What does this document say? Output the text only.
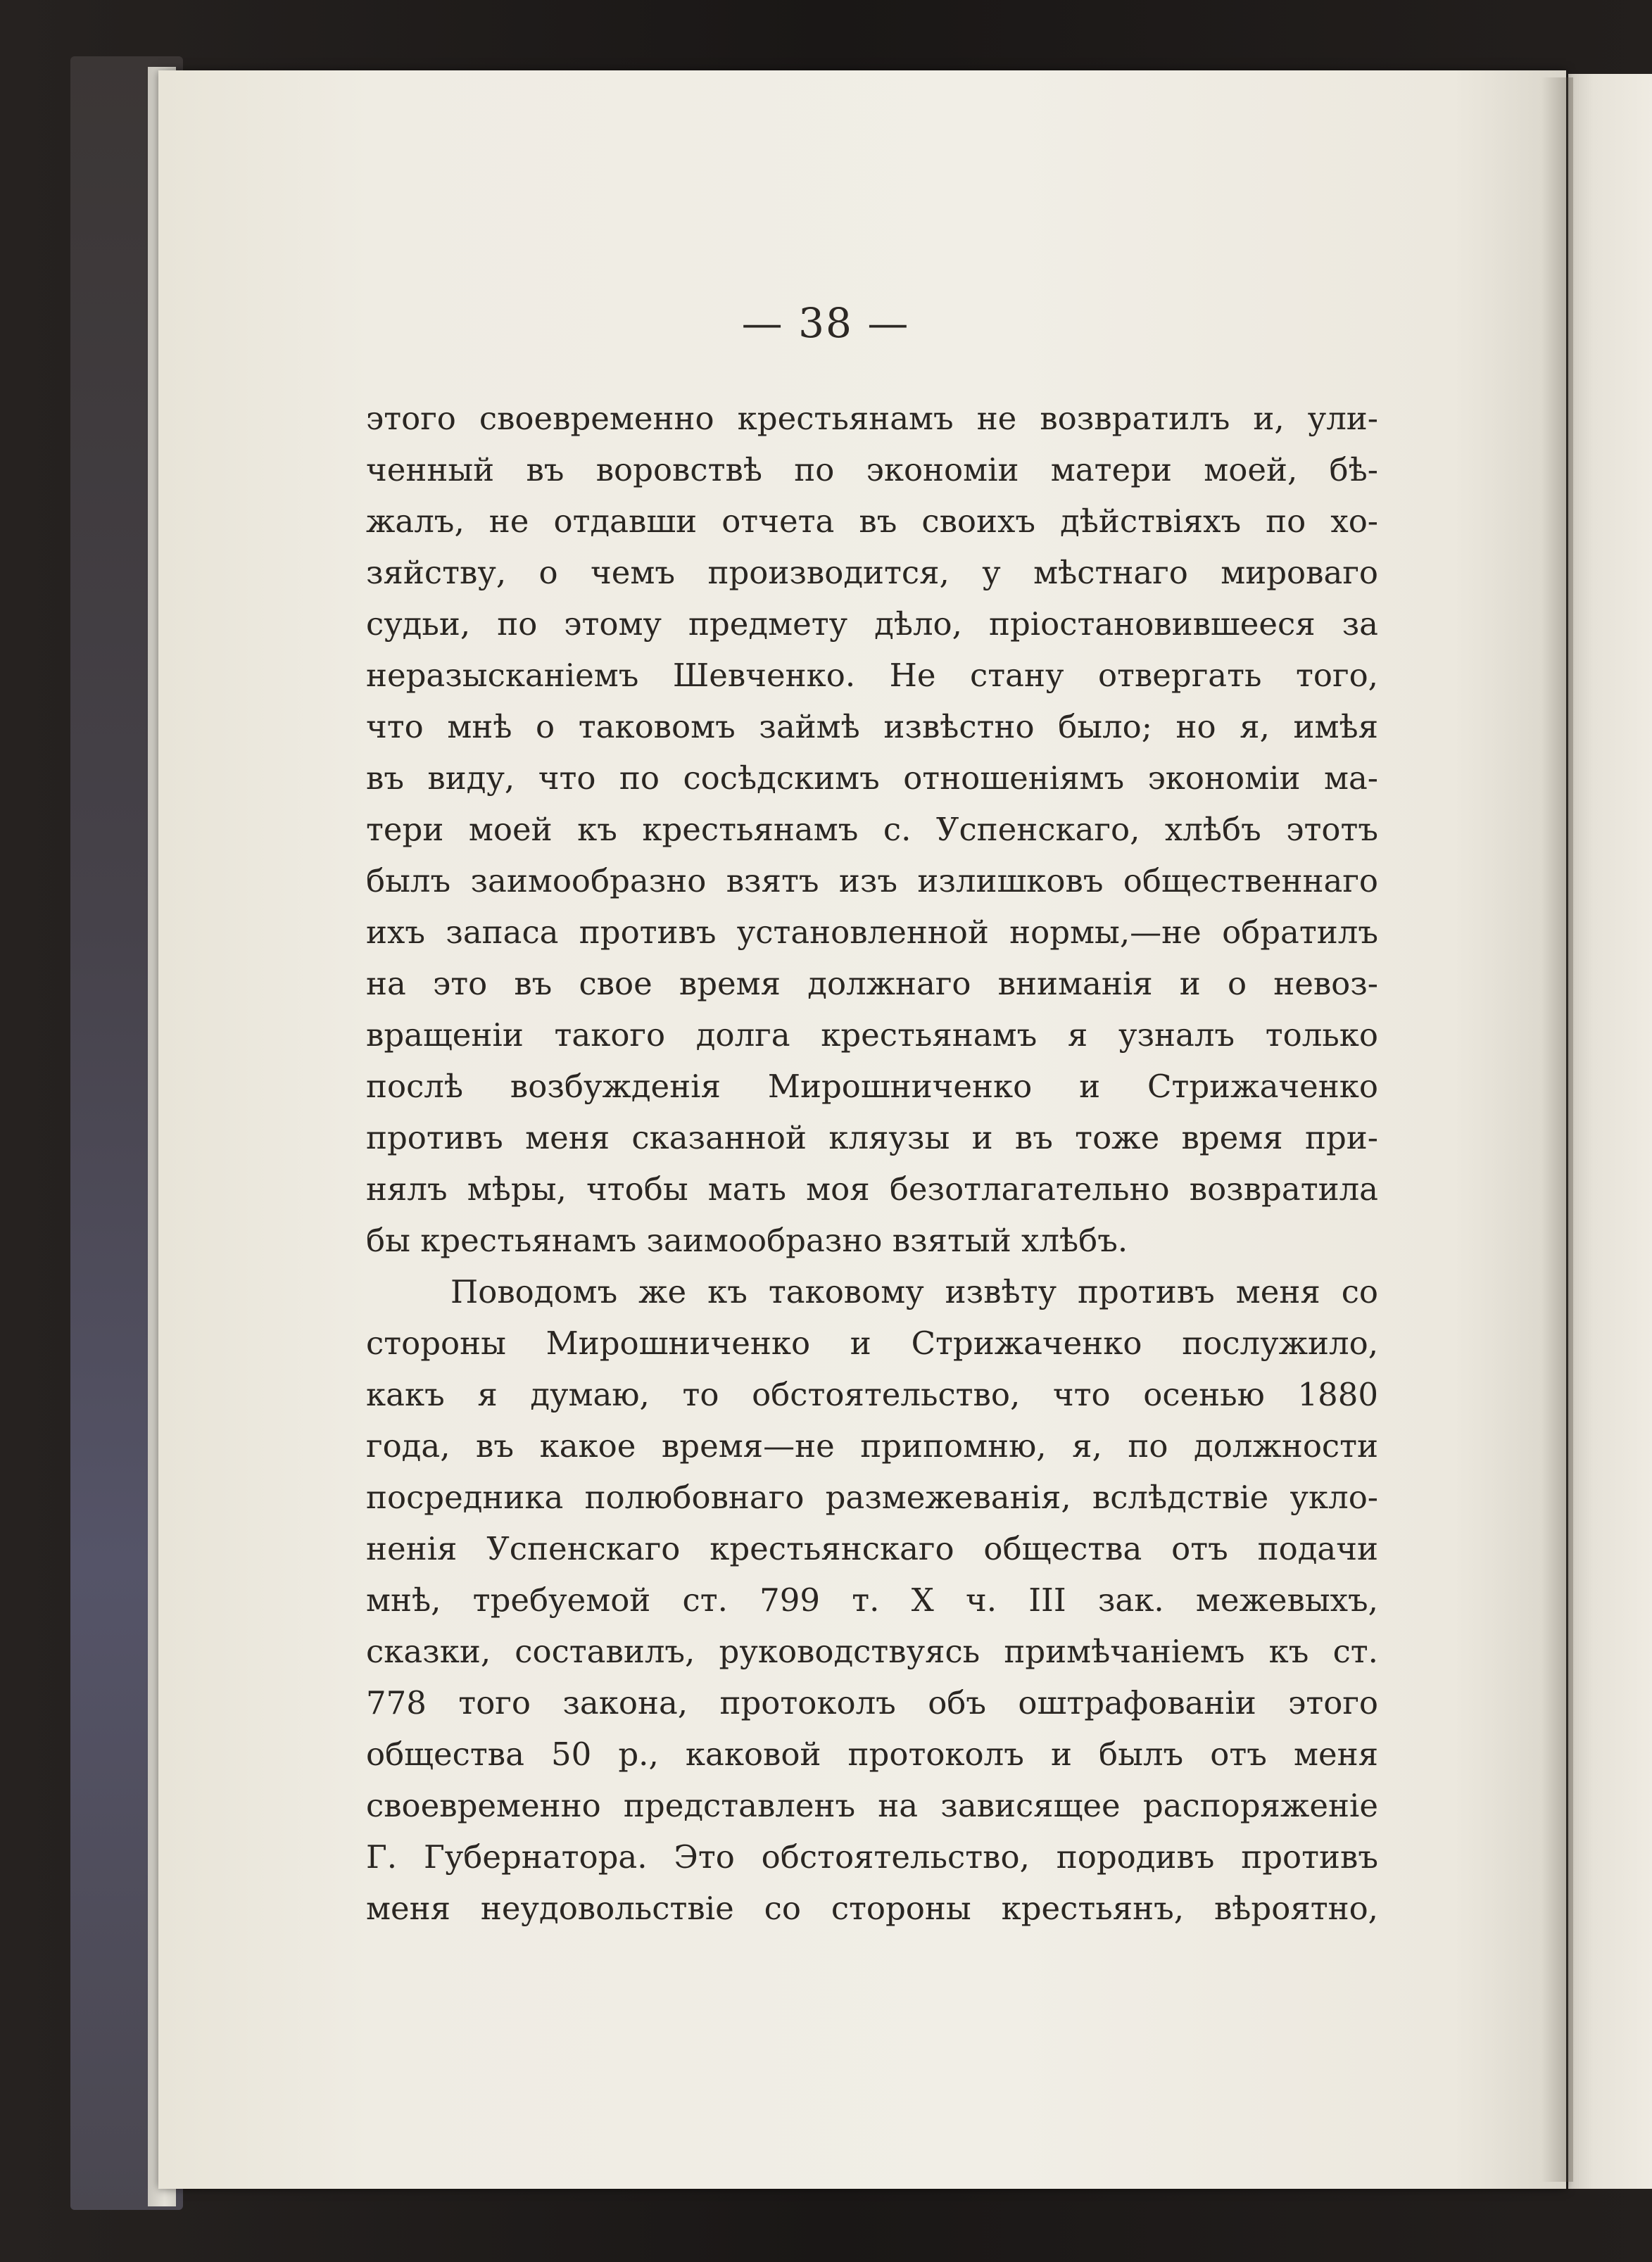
— 38 —
этого своевременно крестьянамъ не возвратилъ и, ули-
ченный въ воровствѣ по экономіи матери моей, бѣ-
жалъ, не отдавши отчета въ своихъ дѣйствіяхъ по хо-
зяйству, о чемъ производится, у мѣстнаго мироваго
судьи, по этому предмету дѣло, пріостановившееся за
неразысканіемъ Шевченко. Не стану отвергать того,
что мнѣ о таковомъ займѣ извѣстно было; но я, имѣя
въ виду, что по сосѣдскимъ отношеніямъ экономіи ма-
тери моей къ крестьянамъ с. Успенскаго, хлѣбъ этотъ
былъ заимообразно взятъ изъ излишковъ общественнаго
ихъ запаса противъ установленной нормы,—не обратилъ
на это въ свое время должнаго вниманія и о невоз-
вращеніи такого долга крестьянамъ я узналъ только
послѣ возбужденія Мирошниченко и Стрижаченко
противъ меня сказанной кляузы и въ тоже время при-
нялъ мѣры, чтобы мать моя безотлагательно возвратила
бы крестьянамъ заимообразно взятый хлѣбъ.
Поводомъ же къ таковому извѣту противъ меня со
стороны Мирошниченко и Стрижаченко послужило,
какъ я думаю, то обстоятельство, что осенью 1880
года, въ какое время—не припомню, я, по должности
посредника полюбовнаго размежеванія, вслѣдствіе укло-
ненія Успенскаго крестьянскаго общества отъ подачи
мнѣ, требуемой ст. 799 т. X ч. III зак. межевыхъ,
сказки, составилъ, руководствуясь примѣчаніемъ къ ст.
778 того закона, протоколъ объ оштрафованіи этого
общества 50 р., каковой протоколъ и былъ отъ меня
своевременно представленъ на зависящее распоряженіе
Г. Губернатора. Это обстоятельство, породивъ противъ
меня неудовольствіе со стороны крестьянъ, вѣроятно,
